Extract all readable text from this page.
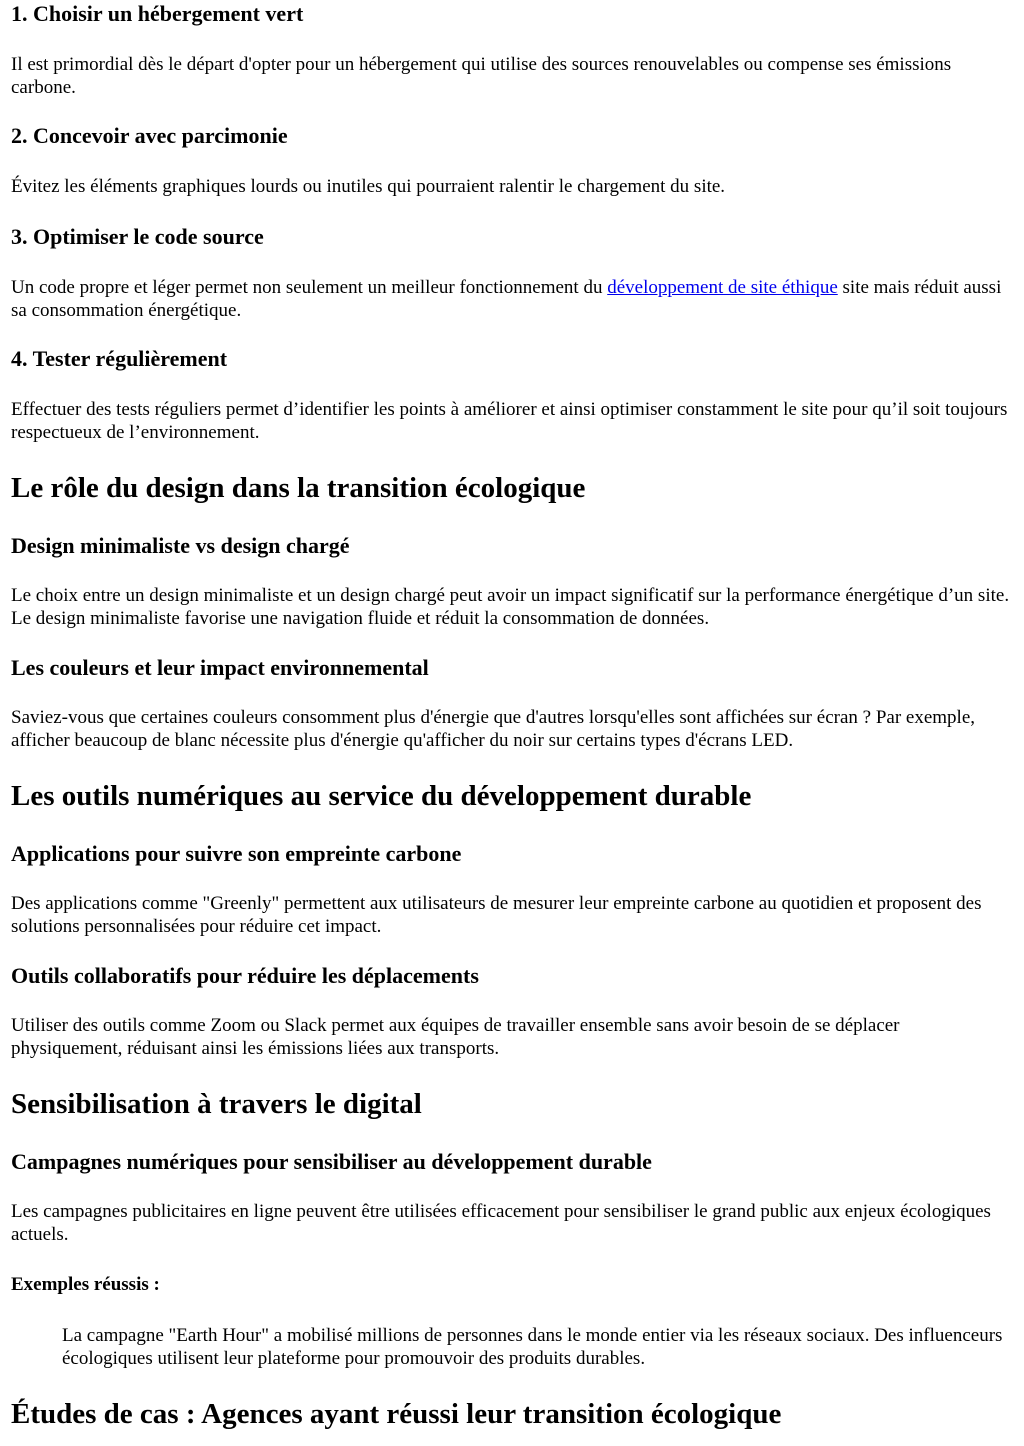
1. Choisir un hébergement vert

Il est primordial dès le départ d'opter pour un hébergement qui utilise des sources renouvelables ou compense ses émissions carbone.

2. Concevoir avec parcimonie

Évitez les éléments graphiques lourds ou inutiles qui pourraient ralentir le chargement du site.

3. Optimiser le code source

Un code propre et léger permet non seulement un meilleur fonctionnement du développement de site éthique site mais réduit aussi sa consommation énergétique.

4. Tester régulièrement

Effectuer des tests réguliers permet d’identifier les points à améliorer et ainsi optimiser constamment le site pour qu’il soit toujours respectueux de l’environnement.

Le rôle du design dans la transition écologique
Design minimaliste vs design chargé

Le choix entre un design minimaliste et un design chargé peut avoir un impact significatif sur la performance énergétique d’un site. Le design minimaliste favorise une navigation fluide et réduit la consommation de données.

Les couleurs et leur impact environnemental

Saviez-vous que certaines couleurs consomment plus d'énergie que d'autres lorsqu'elles sont affichées sur écran ? Par exemple, afficher beaucoup de blanc nécessite plus d'énergie qu'afficher du noir sur certains types d'écrans LED.

Les outils numériques au service du développement durable
Applications pour suivre son empreinte carbone

Des applications comme "Greenly" permettent aux utilisateurs de mesurer leur empreinte carbone au quotidien et proposent des solutions personnalisées pour réduire cet impact.

Outils collaboratifs pour réduire les déplacements

Utiliser des outils comme Zoom ou Slack permet aux équipes de travailler ensemble sans avoir besoin de se déplacer physiquement, réduisant ainsi les émissions liées aux transports.

Sensibilisation à travers le digital
Campagnes numériques pour sensibiliser au développement durable

Les campagnes publicitaires en ligne peuvent être utilisées efficacement pour sensibiliser le grand public aux enjeux écologiques actuels.

Exemples réussis :

La campagne "Earth Hour" a mobilisé millions de personnes dans le monde entier via les réseaux sociaux. Des influenceurs écologiques utilisent leur plateforme pour promouvoir des produits durables.

Études de cas : Agences ayant réussi leur transition écologique
